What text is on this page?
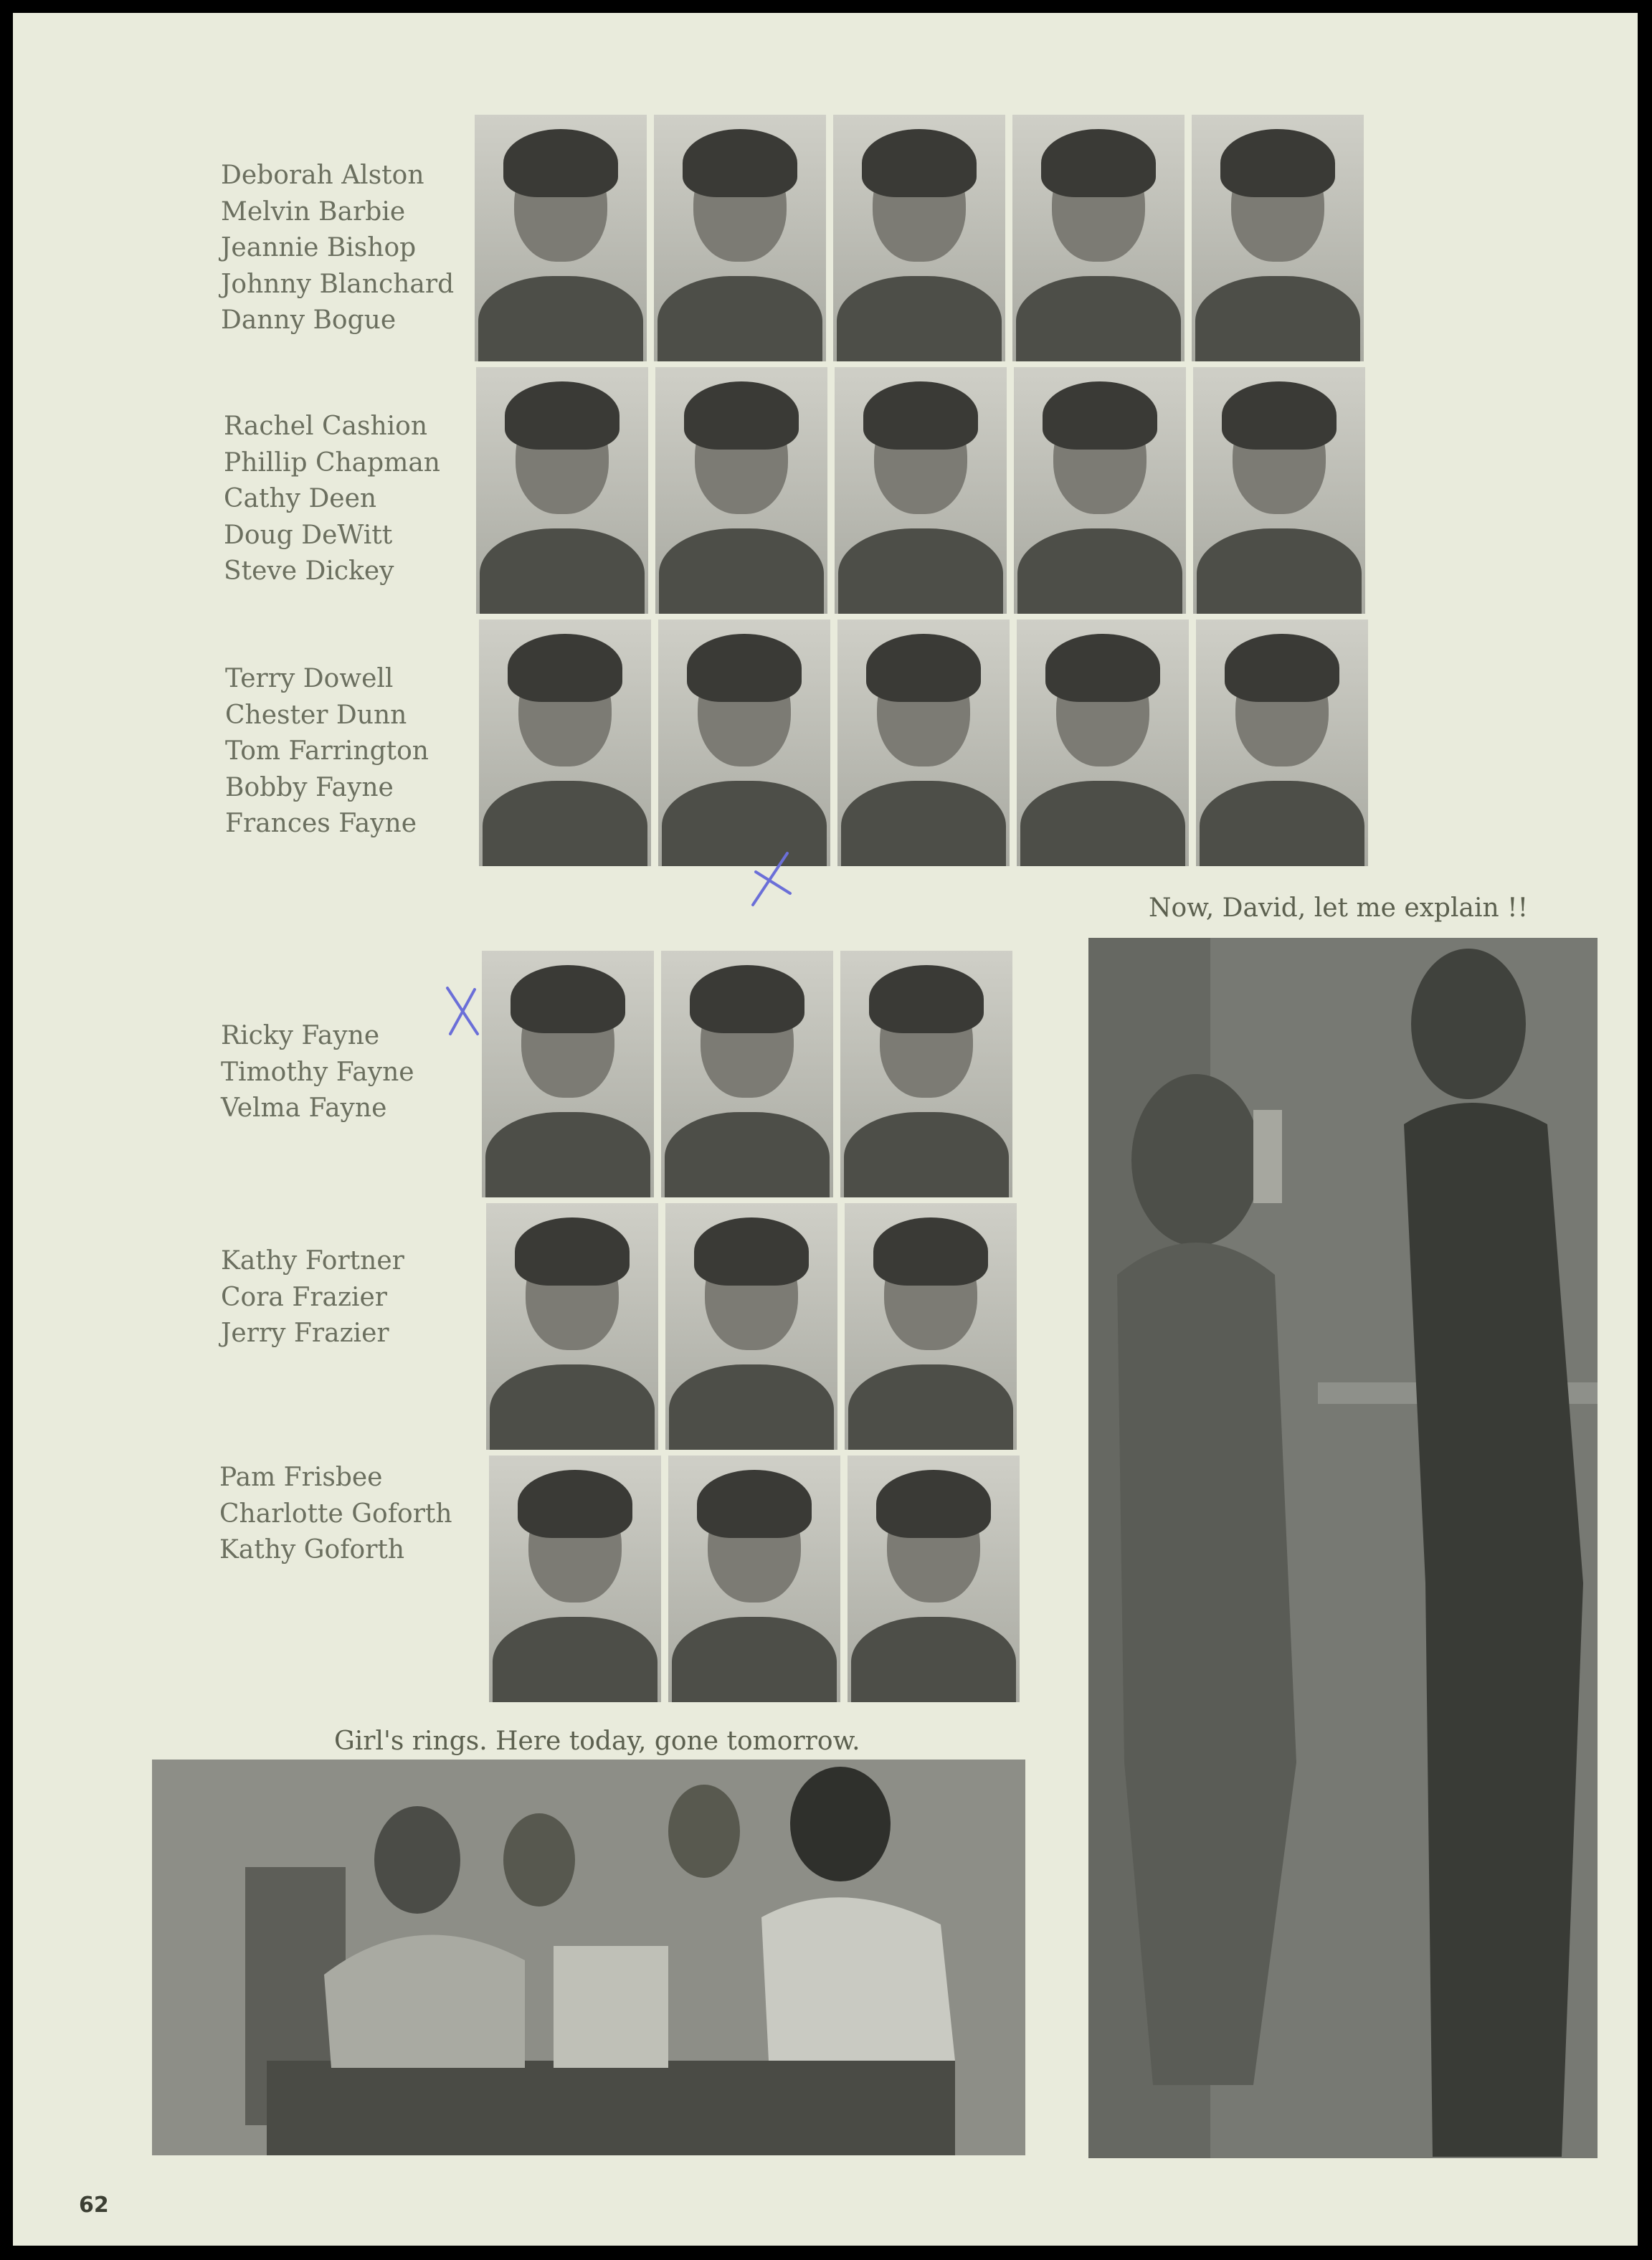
Deborah Alston
Melvin Barbie
Jeannie Bishop
Johnny Blanchard
Danny Bogue
Rachel Cashion
Phillip Chapman
Cathy Deen
Doug DeWitt
Steve Dickey
Terry Dowell
Chester Dunn
Tom Farrington
Bobby Fayne
Frances Fayne
Ricky Fayne
Timothy Fayne
Velma Fayne
Kathy Fortner
Cora Frazier
Jerry Frazier
Pam Frisbee
Charlotte Goforth
Kathy Goforth
Now, David, let me explain !!
Girl's rings. Here today, gone tomorrow.
62
